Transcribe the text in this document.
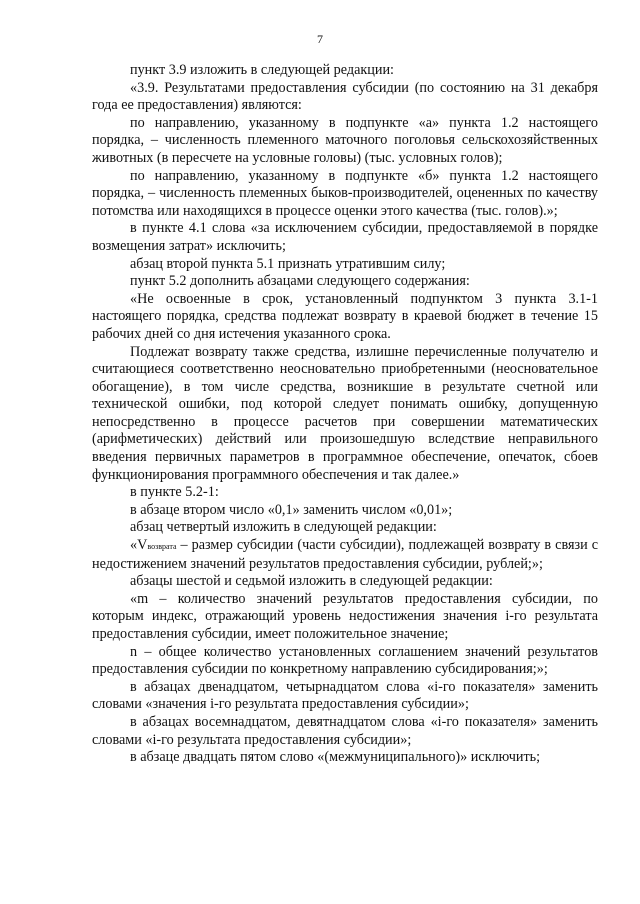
7

пункт 3.9 изложить в следующей редакции:

«3.9. Результатами предоставления субсидии (по состоянию на 31 декабря года ее предоставления) являются:

по направлению, указанному в подпункте «а» пункта 1.2 настоящего порядка, – численность племенного маточного поголовья сельскохозяйственных животных (в пересчете на условные головы) (тыс. условных голов);

по направлению, указанному в подпункте «б» пункта 1.2 настоящего порядка, – численность племенных быков-производителей, оцененных по качеству потомства или находящихся в процессе оценки этого качества (тыс. голов).»;

в пункте 4.1 слова «за исключением субсидии, предоставляемой в порядке возмещения затрат» исключить;

абзац второй пункта 5.1 признать утратившим силу;

пункт 5.2 дополнить абзацами следующего содержания:

«Не освоенные в срок, установленный подпунктом 3 пункта 3.1-1 настоящего порядка, средства подлежат возврату в краевой бюджет в течение 15 рабочих дней со дня истечения указанного срока.

Подлежат возврату также средства, излишне перечисленные получателю и считающиеся соответственно неосновательно приобретенными (неосновательное обогащение), в том числе средства, возникшие в результате счетной или технической ошибки, под которой следует понимать ошибку, допущенную непосредственно в процессе расчетов при совершении математических (арифметических) действий или произошедшую вследствие неправильного введения первичных параметров в программное обеспечение, опечаток, сбоев функционирования программного обеспечения и так далее.»

в пункте 5.2-1:

в абзаце втором число «0,1» заменить числом «0,01»;

абзац четвертый изложить в следующей редакции:

«Vвозврата – размер субсидии (части субсидии), подлежащей возврату в связи с недостижением значений результатов предоставления субсидии, рублей;»;

абзацы шестой и седьмой изложить в следующей редакции:

«m – количество значений результатов предоставления субсидии, по которым индекс, отражающий уровень недостижения значения i-го результата предоставления субсидии, имеет положительное значение;

n – общее количество установленных соглашением значений результатов предоставления субсидии по конкретному направлению субсидирования;»;

в абзацах двенадцатом, четырнадцатом слова «i-го показателя» заменить словами «значения i-го результата предоставления субсидии»;

в абзацах восемнадцатом, девятнадцатом слова «i-го показателя» заменить словами «i-го результата предоставления субсидии»;

в абзаце двадцать пятом слово «(межмуниципального)» исключить;
